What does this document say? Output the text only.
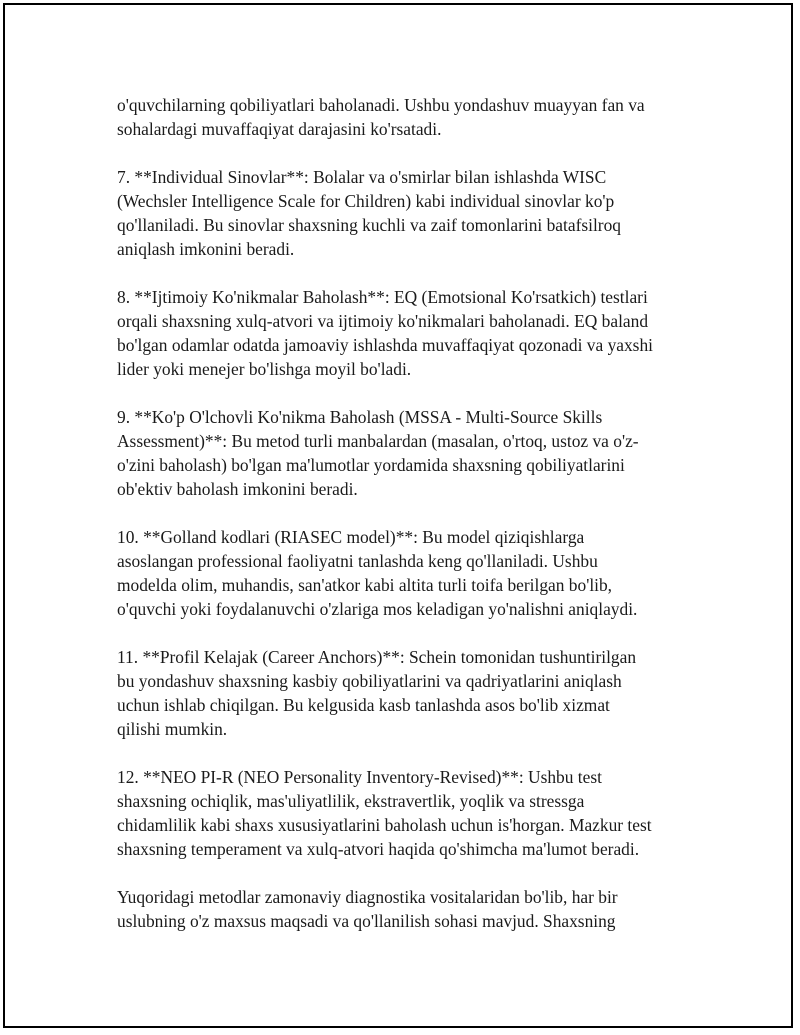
o'quvchilarning qobiliyatlari baholanadi. Ushbu yondashuv muayyan fan va
sohalardagi muvaffaqiyat darajasini ko'rsatadi.

7. **Individual Sinovlar**: Bolalar va o'smirlar bilan ishlashda WISC
(Wechsler Intelligence Scale for Children) kabi individual sinovlar ko'p
qo'llaniladi. Bu sinovlar shaxsning kuchli va zaif tomonlarini batafsilroq
aniqlash imkonini beradi.

8. **Ijtimoiy Ko'nikmalar Baholash**: EQ (Emotsional Ko'rsatkich) testlari
orqali shaxsning xulq-atvori va ijtimoiy ko'nikmalari baholanadi. EQ baland
bo'lgan odamlar odatda jamoaviy ishlashda muvaffaqiyat qozonadi va yaxshi
lider yoki menejer bo'lishga moyil bo'ladi.

9. **Ko'p O'lchovli Ko'nikma Baholash (MSSA - Multi-Source Skills
Assessment)**: Bu metod turli manbalardan (masalan, o'rtoq, ustoz va o'z-
o'zini baholash) bo'lgan ma'lumotlar yordamida shaxsning qobiliyatlarini
ob'ektiv baholash imkonini beradi.

10. **Golland kodlari (RIASEC model)**: Bu model qiziqishlarga
asoslangan professional faoliyatni tanlashda keng qo'llaniladi. Ushbu
modelda olim, muhandis, san'atkor kabi altita turli toifa berilgan bo'lib,
o'quvchi yoki foydalanuvchi o'zlariga mos keladigan yo'nalishni aniqlaydi.

11. **Profil Kelajak (Career Anchors)**: Schein tomonidan tushuntirilgan
bu yondashuv shaxsning kasbiy qobiliyatlarini va qadriyatlarini aniqlash
uchun ishlab chiqilgan. Bu kelgusida kasb tanlashda asos bo'lib xizmat
qilishi mumkin.

12. **NEO PI-R (NEO Personality Inventory-Revised)**: Ushbu test
shaxsning ochiqlik, mas'uliyatlilik, ekstravertlik, yoqlik va stressga
chidamlilik kabi shaxs xususiyatlarini baholash uchun is'horgan. Mazkur test
shaxsning temperament va xulq-atvori haqida qo'shimcha ma'lumot beradi.

Yuqoridagi metodlar zamonaviy diagnostika vositalaridan bo'lib, har bir
uslubning o'z maxsus maqsadi va qo'llanilish sohasi mavjud. Shaxsning
